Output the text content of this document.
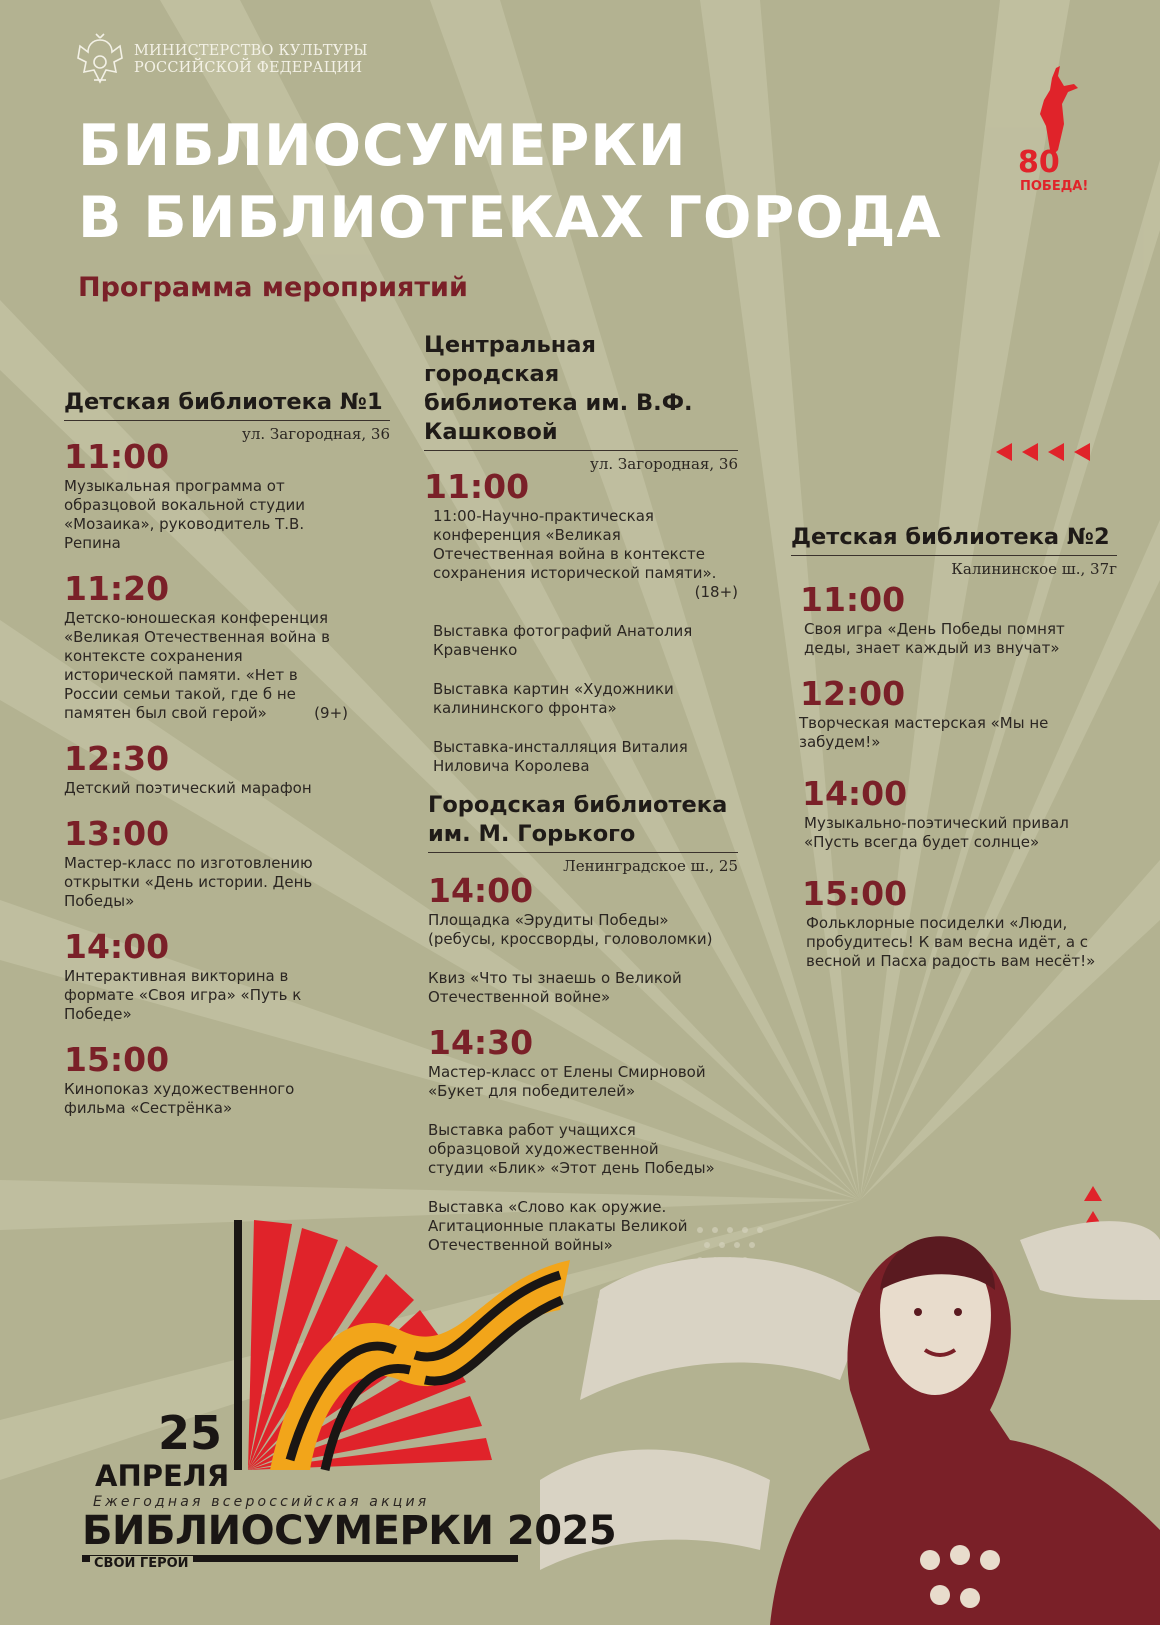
МИНИСТЕРСТВО КУЛЬТУРЫ
РОССИЙСКОЙ ФЕДЕРАЦИИ
БИБЛИОСУМЕРКИ
В БИБЛИОТЕКАХ ГОРОДА
Программа мероприятий
80
ПОБЕДА!
Детская библиотека №1
ул. Загородная, 36
11:00
Музыкальная программа от
образцовой вокальной студии
«Мозаика», руководитель Т.В.
Репина
11:20
Детско-юношеская конференция
«Великая Отечественная война в
контексте сохранения
исторической памяти. «Нет в
России семьи такой, где б не
памятен был свой герой»	(9+)
12:30
Детский поэтический марафон
13:00
Мастер-класс по изготовлению
открытки «День истории. День
Победы»
14:00
Интерактивная викторина в
формате «Своя игра» «Путь к
Победе»
15:00
Кинопоказ художественного
фильма «Сестрёнка»
Центральная городская
библиотека им. В.Ф.
Кашковой
ул. Загородная, 36
11:00
11:00-Научно-практическая
конференция «Великая
Отечественная война в контексте
сохранения исторической памяти».
(18+)
Выставка фотографий Анатолия
Кравченко
Выставка картин «Художники
калининского фронта»
Выставка-инсталляция Виталия
Ниловича Королева
Городская библиотека
им. М. Горького
Ленинградское ш., 25
14:00
Площадка «Эрудиты Победы»
(ребусы, кроссворды, головоломки)
Квиз «Что ты знаешь о Великой
Отечественной войне»
14:30
Мастер-класс от Елены Смирновой
«Букет для победителей»
Выставка работ учащихся
образцовой художественной
студии «Блик» «Этот день Победы»
Выставка «Слово как оружие.
Агитационные плакаты Великой
Отечественной войны»
Детская библиотека №2
Калининское ш., 37г
11:00
Своя игра «День Победы помнят
деды, знает каждый из внучат»
12:00
Творческая мастерская «Мы не
забудем!»
14:00
Музыкально-поэтический привал
«Пусть всегда будет солнце»
15:00
Фольклорные посиделки «Люди,
пробудитесь! К вам весна идёт, а с
весной и Пасха радость вам несёт!»
25
АПРЕЛЯ
Ежегодная всероссийская акция
БИБЛИОСУМЕРКИ 2025
СВОИ ГЕРОИ
